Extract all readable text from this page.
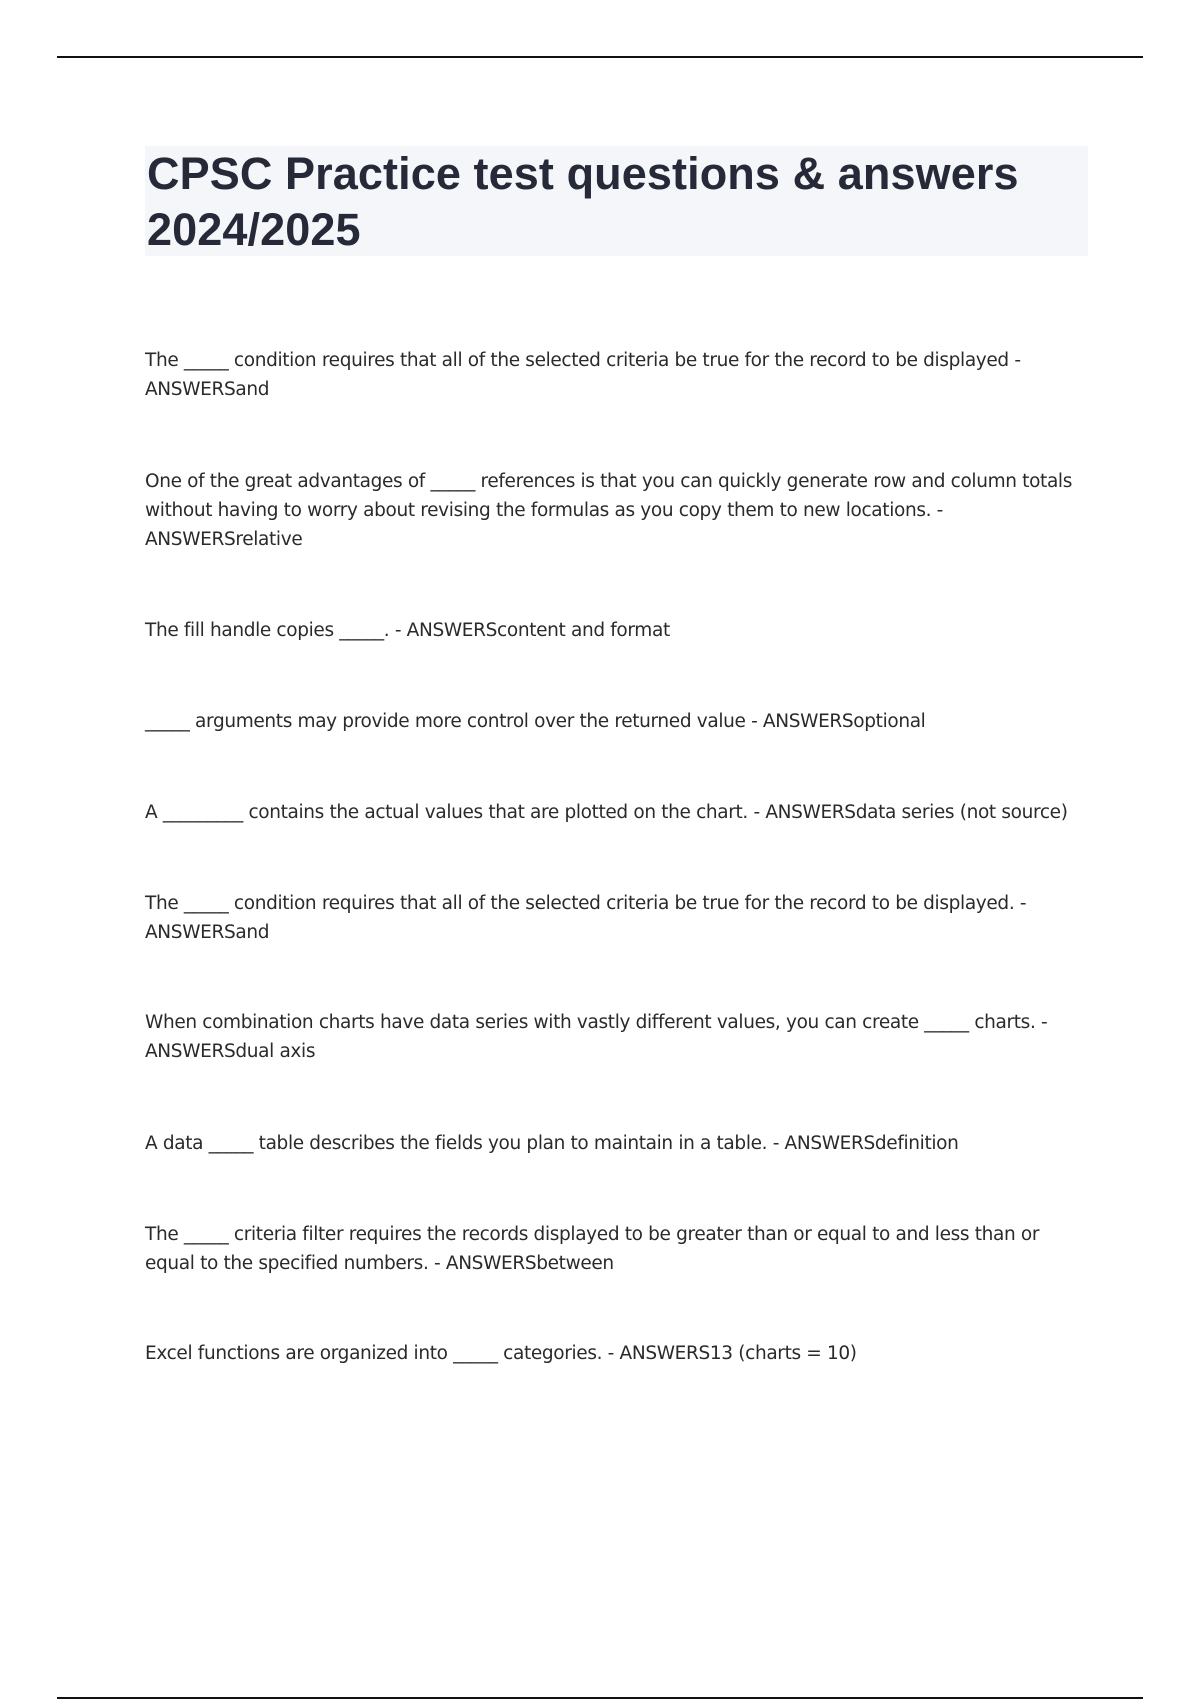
CPSC Practice test questions & answers 2024/2025

The _____ condition requires that all of the selected criteria be true for the record to be displayed - ANSWERSand

One of the great advantages of _____ references is that you can quickly generate row and column totals without having to worry about revising the formulas as you copy them to new locations. - ANSWERSrelative

The fill handle copies _____. - ANSWERScontent and format

_____ arguments may provide more control over the returned value - ANSWERSoptional

A _________ contains the actual values that are plotted on the chart. - ANSWERSdata series (not source)

The _____ condition requires that all of the selected criteria be true for the record to be displayed. - ANSWERSand

When combination charts have data series with vastly different values, you can create _____ charts. - ANSWERSdual axis

A data _____ table describes the fields you plan to maintain in a table. - ANSWERSdefinition

The _____ criteria filter requires the records displayed to be greater than or equal to and less than or equal to the specified numbers. - ANSWERSbetween

Excel functions are organized into _____ categories. - ANSWERS13 (charts = 10)
